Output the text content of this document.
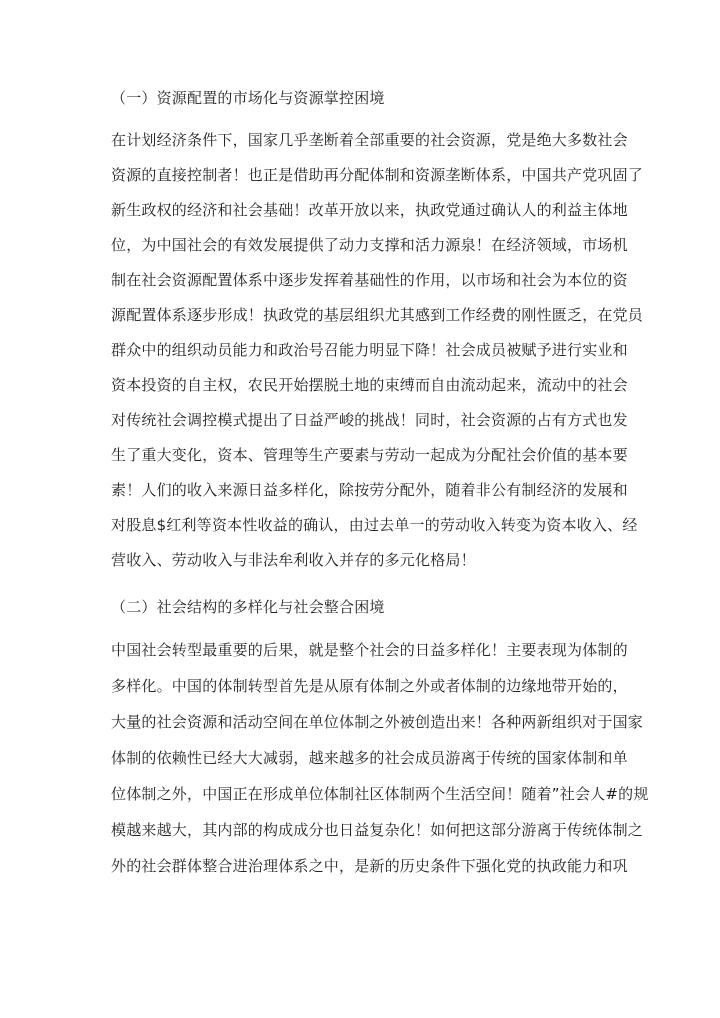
（一）资源配置的市场化与资源掌控困境
在计划经济条件下，国家几乎垄断着全部重要的社会资源，党是绝大多数社会
资源的直接控制者！也正是借助再分配体制和资源垄断体系，中国共产党巩固了
新生政权的经济和社会基础！改革开放以来，执政党通过确认人的利益主体地
位，为中国社会的有效发展提供了动力支撑和活力源泉！在经济领域，市场机
制在社会资源配置体系中逐步发挥着基础性的作用，以市场和社会为本位的资
源配置体系逐步形成！执政党的基层组织尤其感到工作经费的刚性匮乏，在党员
群众中的组织动员能力和政治号召能力明显下降！社会成员被赋予进行实业和
资本投资的自主权，农民开始摆脱土地的束缚而自由流动起来，流动中的社会
对传统社会调控模式提出了日益严峻的挑战！同时，社会资源的占有方式也发
生了重大变化，资本、管理等生产要素与劳动一起成为分配社会价值的基本要
素！人们的收入来源日益多样化，除按劳分配外，随着非公有制经济的发展和
对股息$红利等资本性收益的确认，由过去单一的劳动收入转变为资本收入、经
营收入、劳动收入与非法牟利收入并存的多元化格局！
（二）社会结构的多样化与社会整合困境
中国社会转型最重要的后果，就是整个社会的日益多样化！主要表现为体制的
多样化。中国的体制转型首先是从原有体制之外或者体制的边缘地带开始的，
大量的社会资源和活动空间在单位体制之外被创造出来！各种两新组织对于国家
体制的依赖性已经大大减弱，越来越多的社会成员游离于传统的国家体制和单
位体制之外，中国正在形成单位体制社区体制两个生活空间！随着”社会人#的规
模越来越大，其内部的构成成分也日益复杂化！如何把这部分游离于传统体制之
外的社会群体整合进治理体系之中，是新的历史条件下强化党的执政能力和巩
